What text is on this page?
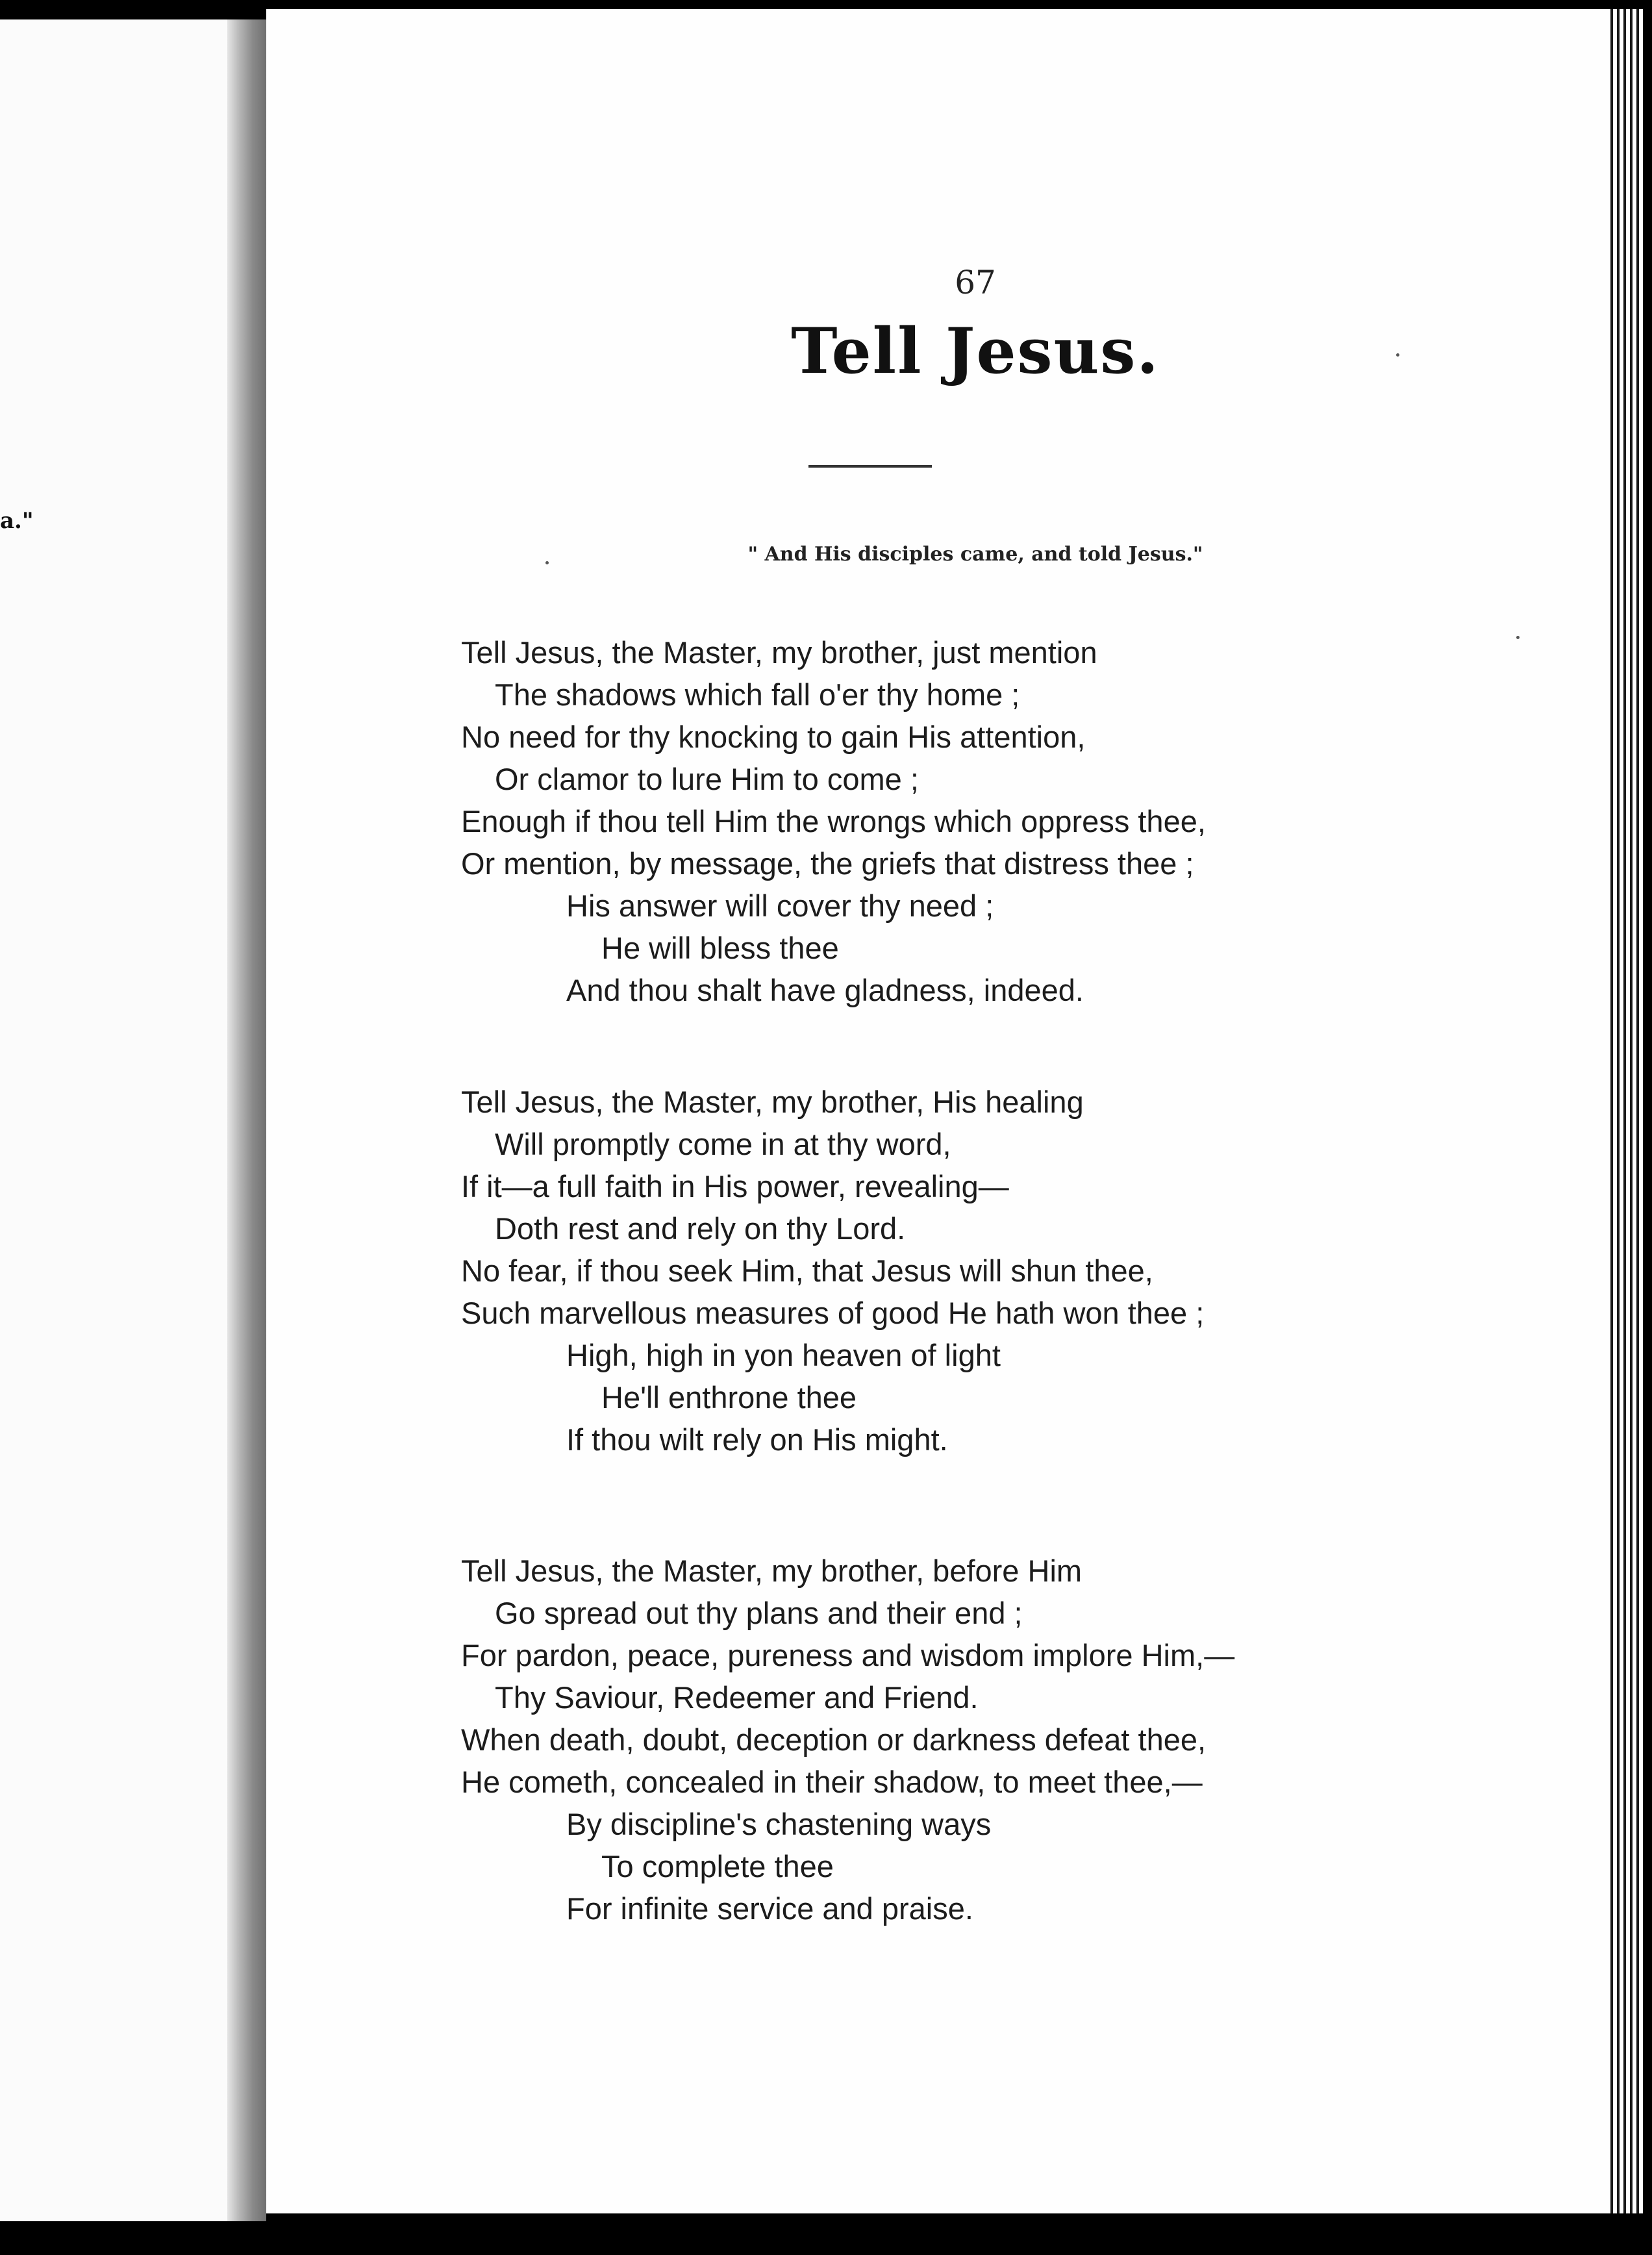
a."
67
Tell Jesus.
" And His disciples came, and told Jesus."
Tell Jesus, the Master, my brother, just mention
The shadows which fall o'er thy home ;
No need for thy knocking to gain His attention,
Or clamor to lure Him to come ;
Enough if thou tell Him the wrongs which oppress thee,
Or mention, by message, the griefs that distress thee ;
His answer will cover thy need ;
He will bless thee
And thou shalt have gladness, indeed.
Tell Jesus, the Master, my brother, His healing
Will promptly come in at thy word,
If it—a full faith in His power, revealing—
Doth rest and rely on thy Lord.
No fear, if thou seek Him, that Jesus will shun thee,
Such marvellous measures of good He hath won thee ;
High, high in yon heaven of light
He'll enthrone thee
If thou wilt rely on His might.
Tell Jesus, the Master, my brother, before Him
Go spread out thy plans and their end ;
For pardon, peace, pureness and wisdom implore Him,—
Thy Saviour, Redeemer and Friend.
When death, doubt, deception or darkness defeat thee,
He cometh, concealed in their shadow, to meet thee,—
By discipline's chastening ways
To complete thee
For infinite service and praise.
